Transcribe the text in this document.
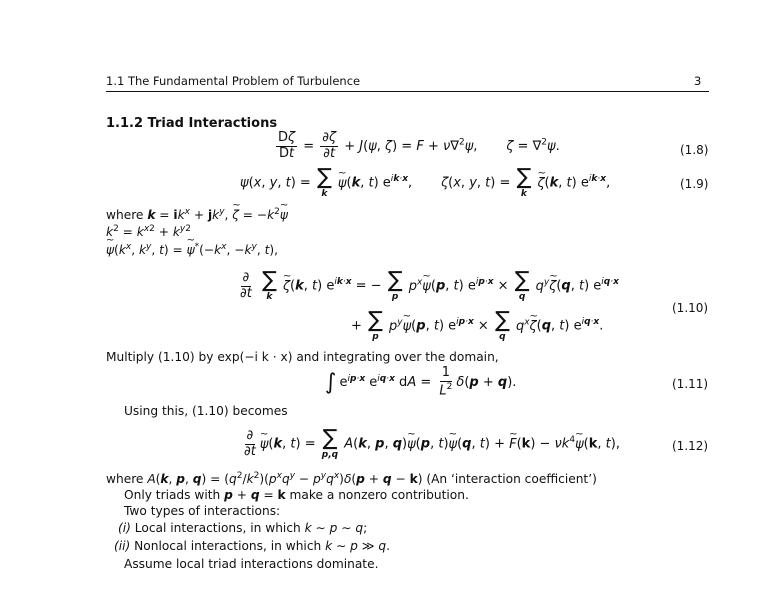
1.1 The Fundamental Problem of Turbulence	3
1.1.2 Triad Interactions
$\frac{D\zeta}{Dt} = \frac{\partial\zeta}{\partial t} + J(\psi$, ζ) = F + ν∇$^2$ψ,       ζ = ∇$^2$ψ.	(1.8)
ψ(x, y, t) = ∑
k
~ ψ(k, t) $e^{ik\cdot x}$,       ζ(x, y, t) = ∑
k
~ ζ(k, t) $e^{ik\cdot x}$,	(1.9)
where $k = ik^x + jk^y$, ~ $\zeta = -k^2\sim$ ψ
$k^2 = k^{x2} + k^{y2}$
~ $\psi(k^x$, $k^y$, t) = ~ $\psi^*(-k^x$, $-k^y$, t),
$\frac{\partial}{\partial t}$
∑
k
~ ζ(k, t) $e^{ik\cdot x}$ = − ∑
p
$p^x\sim$ ψ(p, t) $e^{ip\cdot x}$ × ∑
q
$q^y\sim$ ζ(q, t) $e^{iq\cdot x}$
+ ∑
p
$p^y\sim$ ψ(p, t) $e^{ip\cdot x}$ × ∑
q
$q^x\sim$ ζ(q, t) $e^{iq\cdot x}$.
(1.10)
Multiply (1.10) by exp(−i k · x) and integrating over the domain,
∫ $e^{ip\cdot x}$ $e^{iq\cdot x}$ dA = $\frac{1}{L^2} \delta(p + q)$.	(1.11)
Using this, (1.10) becomes
$\frac{\partial}{\partial t}$
~ ψ(k, t) = ∑
p,q
A(k, p, q)~ ψ(p, t)~ ψ(q, t) + ~ $F(k) - \nu k^4\sim$ ψ(k, t),	(1.12)
where A(k, p, $q) = (q^2/k^2)(p^xq^y - p^yq^x)\delta(p + q - k)$ (An ‘interaction coefficient’)
Only triads with p + q = k make a nonzero contribution.
Two types of interactions:
(i) Local interactions, in which k ∼ p ∼ q;
(ii) Nonlocal interactions, in which k ∼ p ≫ q.
Assume local triad interactions dominate.
